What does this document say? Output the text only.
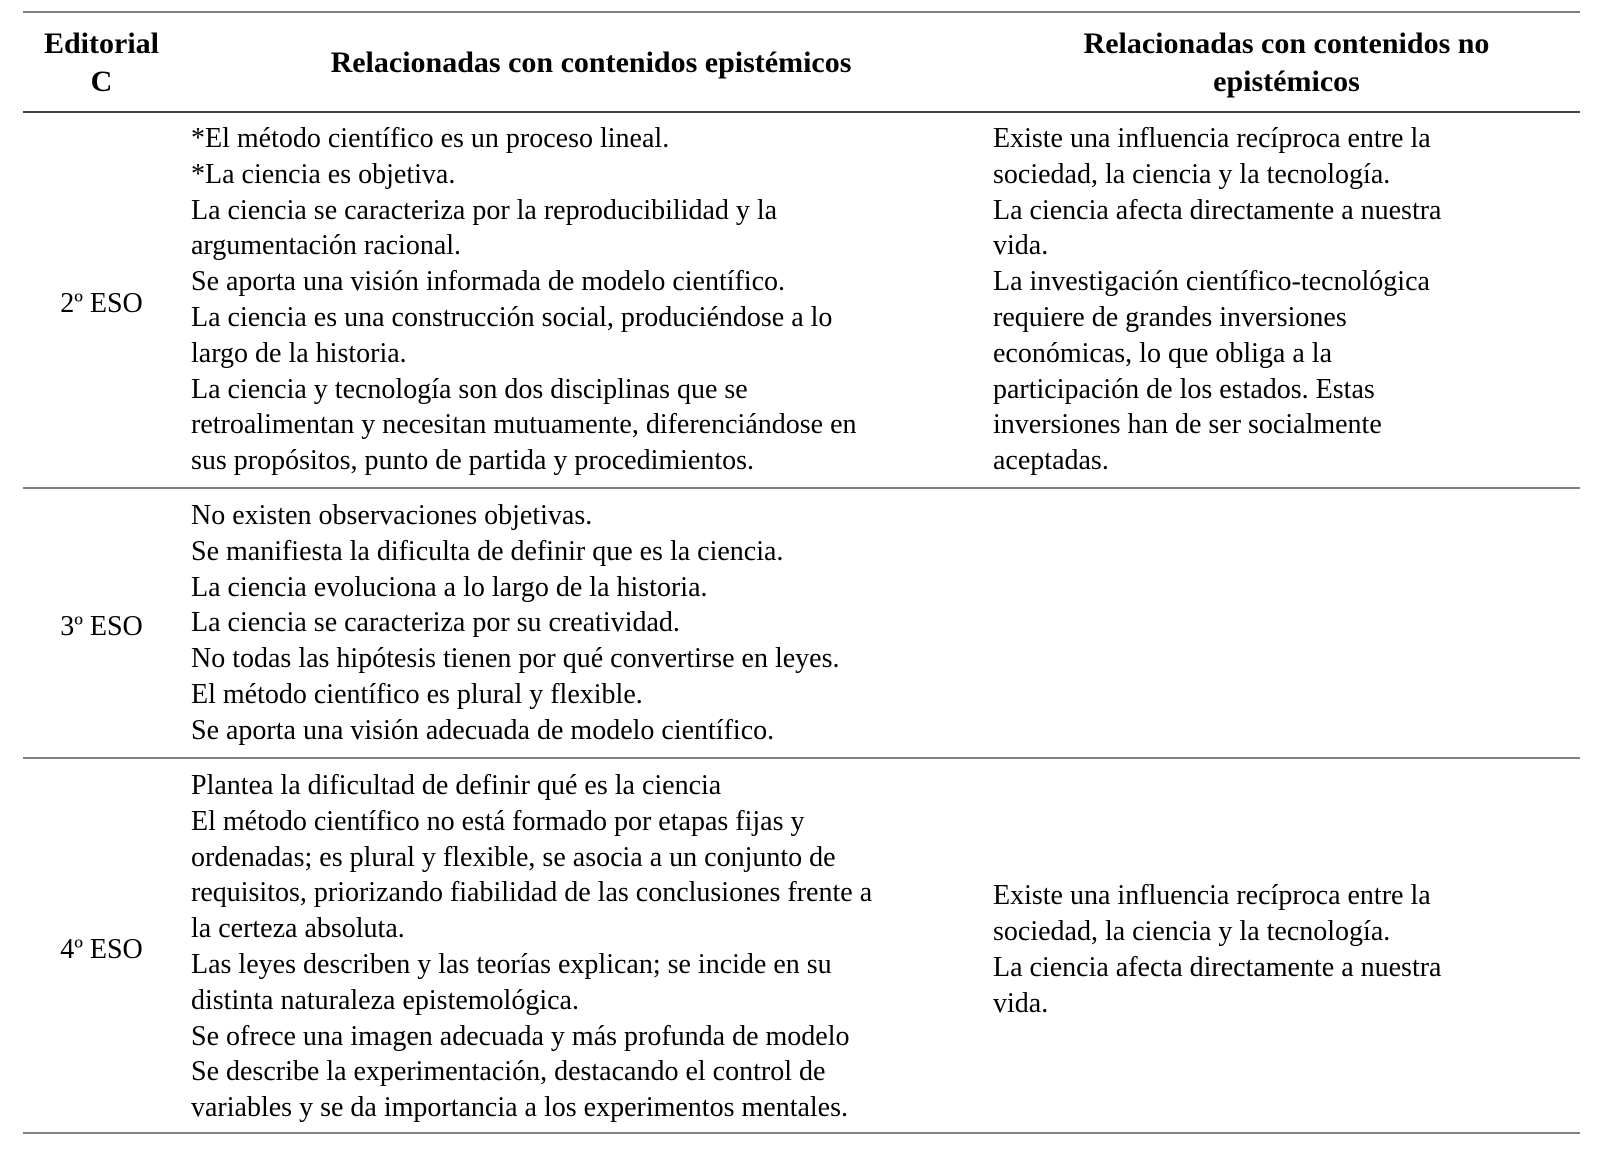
Editorial
C
Relacionadas con contenidos epistémicos
Relacionadas con contenidos no
epistémicos
2º ESO
*El método científico es un proceso lineal.
*La ciencia es objetiva.
La ciencia se caracteriza por la reproducibilidad y la
argumentación racional.
Se aporta una visión informada de modelo científico.
La ciencia es una construcción social, produciéndose a lo
largo de la historia.
La ciencia y tecnología son dos disciplinas que se
retroalimentan y necesitan mutuamente, diferenciándose en
sus propósitos, punto de partida y procedimientos.
Existe una influencia recíproca entre la
sociedad, la ciencia y la tecnología.
La ciencia afecta directamente a nuestra
vida.
La investigación científico-tecnológica
requiere de grandes inversiones
económicas, lo que obliga a la
participación de los estados. Estas
inversiones han de ser socialmente
aceptadas.
3º ESO
No existen observaciones objetivas.
Se manifiesta la dificulta de definir que es la ciencia.
La ciencia evoluciona a lo largo de la historia.
La ciencia se caracteriza por su creatividad.
No todas las hipótesis tienen por qué convertirse en leyes.
El método científico es plural y flexible.
Se aporta una visión adecuada de modelo científico.
4º ESO
Plantea la dificultad de definir qué es la ciencia
El método científico no está formado por etapas fijas y
ordenadas; es plural y flexible, se asocia a un conjunto de
requisitos, priorizando fiabilidad de las conclusiones frente a
la certeza absoluta.
Las leyes describen y las teorías explican; se incide en su
distinta naturaleza epistemológica.
Se ofrece una imagen adecuada y más profunda de modelo
Se describe la experimentación, destacando el control de
variables y se da importancia a los experimentos mentales.
Existe una influencia recíproca entre la
sociedad, la ciencia y la tecnología.
La ciencia afecta directamente a nuestra
vida.
